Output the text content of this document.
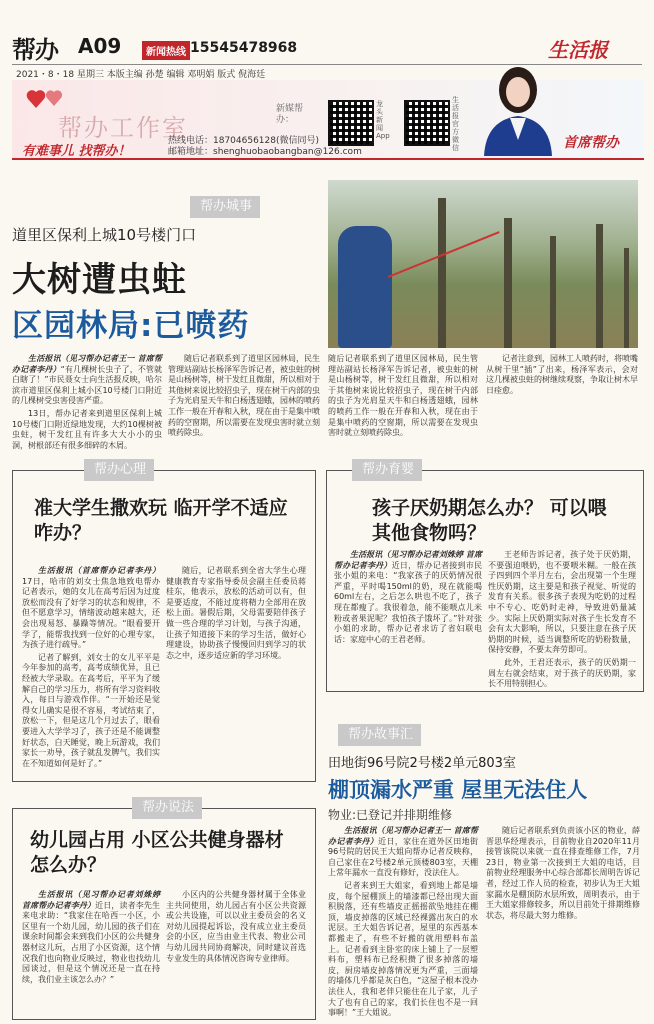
帮办 A09	新闻热线 15545478968	生活报
2021・8・18 星期三 本版主编 孙楚 编辑 邓明娟 版式 倪海廷
帮办工作室
有难事儿 找帮办！
热线电话：18704656128(微信同号)
邮箱地址：shenghuobaobangban@126.com
新媒帮办：
龙头新闻App
生活报官方微信	首席帮办
帮办城事
道里区保利上城10号楼门口
大树遭虫蛀
区园林局:已喷药

生活报讯（见习帮办记者王一 首席帮办记者李丹）“有几棵树长虫子了，不管就白瞎了！”市民聂女士向生活报反映，哈尔滨市道里区保利上城小区10号楼门口附近的几棵树受虫害侵害严重。

13日，帮办记者来到道里区保利上城10号楼门口附近绿地发现，大约10棵树被虫蛀，树干发红且有许多大大小小的虫洞，树根部还有很多细碎的木屑。

随后记者联系到了道里区园林局，民生管理站副站长杨泽军告诉记者，被虫蛀的树是山杨树等，树干发红且微甜，所以相对于其他树来说比较招虫子，现在树干内部的虫子为光肩星天牛和白杨透翅蛾，园林的喷药工作一般在开春和入秋，现在由于是集中喷药的空窗期，所以需要在发现虫害时就立刻喷药除虫。

随后记者联系到了道里区园林局，民生管理站副站长杨泽军告诉记者，被虫蛀的树是山杨树等，树干发红且微甜，所以相对于其他树来说比较招虫子，现在树干内部的虫子为光肩星天牛和白杨透翅蛾，园林的喷药工作一般在开春和入秋，现在由于是集中喷药的空窗期，所以需要在发现虫害时就立刻喷药除虫。

记者注意到，园林工人喷药时，将喷嘴从树干里“插”了出来，杨泽军表示，会对这几棵被虫蛀的树继续观察，争取让树木早日痊愈。

帮办心理
准大学生撒欢玩 临开学不适应咋办？

生活报讯（首席帮办记者李丹）17日，哈市的刘女士焦急地致电帮办记者表示，她的女儿在高考后因为过度放松而没有了好学习的状态和规律，不但不愿意学习，情绪波动越来越大，还会出现易怒、暴躁等情况。“眼看要开学了，能帮我找到一位好的心理专家，为孩子进行疏导。”

记者了解到，刘女士的女儿平平是今年参加的高考，高考成绩优异，且已经被大学录取。在高考后，平平为了缓解自己的学习压力，将所有学习资料收入，每日与游戏作伴。“一开始还是觉得女儿确实是很不容易，考试结束了，放松一下，但是这几个月过去了，眼看要进入大学学习了，孩子还是不能调整好状态，白天睡觉，晚上玩游戏，我们家长一劝导，孩子就乱发脾气，我们实在不知道如何是好了。”

随后，记者联系到全省大学生心理健康教育专家指导委员会副主任委员蒋桂东，他表示，放松的活动可以有，但是要适度，不能过度将精力全部用在放松上面。暑假后期，父母需要陪伴孩子做一些合理的学习计划，与孩子沟通，让孩子知道接下来的学习生活，做好心理建设，协助孩子慢慢回归到学习的状态之中，逐步适应新的学习环境。

帮办育婴
孩子厌奶期怎么办？ 可以喂其他食物吗？

生活报讯（见习帮办记者刘姝婷 首席帮办记者李丹）近日，帮办记者接到市民张小姐的来电：“我家孩子的厌奶情况很严重，平时喝150ml的奶，现在就能喝60ml左右，之后怎么哄也不吃了，孩子现在都瘦了。我很着急，能不能喂点儿米粉或者果泥呢？我怕孩子饿坏了。”针对张小姐的求助，帮办记者求访了省妇联电话：家庭中心的王君老师。

王老师告诉记者，孩子处于厌奶期，不要强迫喂奶，也不要喂米糊。一般在孩子四到四个半月左右，会出现第一个生理性厌奶期，这主要是和孩子视觉、听觉的发育有关系。很多孩子表现为吃奶的过程中不专心、吃奶时走神，导致进奶量减少。实际上厌奶期实际对孩子生长发育不会有太大影响，所以，只要注意在孩子厌奶期的时候，适当调整所吃的奶粉数量，保持安静，不要太奔劳即可。

此外，王君还表示，孩子的厌奶期一周左右就会结束，对于孩子的厌奶期，家长不用特别担心。

帮办故事汇
田地街96号院2号楼2单元803室
棚顶漏水严重 屋里无法住人
物业:已登记并排期维修

生活报讯（见习帮办记者王一 首席帮办记者李丹）近日，家住在道外区田地街96号院的居民王大姐向帮办记者反映称，自己家住在2号楼2单元顶楼803室，天棚上常年漏水一直没有修好，没法住人。

记者来到王大姐家，看到地上都是墙皮，每个屋棚顶上的墙漆都已经出现大面积脱落，还有些墙皮正摇摇欲坠地挂在棚顶，墙皮掉落的区域已经裸露出灰白的水泥层。王大姐告诉记者，屋里的东西基本都搬走了，有些不好搬的就用塑料布盖上。记者看到主卧室的床上铺上了一层塑料布，塑料布已经积攒了很多掉落的墙皮，厨房墙皮掉落情况更为严重，三面墙的墙体几乎都是灰白色，“这屋子根本没办法住人，我和老伴只能住在儿子家，儿子大了也有自己的家，我们长住也不是一回事啊！”王大姐说。

随后记者联系到负责该小区的物业，薛晋思华经理表示，目前物业自2020年11月接管该院以来就一直在排查维修工作，7月23日，物业第一次接到王大姐的电话，目前物业经理服务中心综合部都长周明告诉记者，经过工作人员的检查，初步认为王大姐家漏水是棚顶防水层所致，周明表示，由于王大姐家排修较多，所以目前处于排期维修状态，将尽最大努力维修。

帮办说法
幼儿园占用 小区公共健身器材怎么办？

生活报讯（见习帮办记者刘姝婷 首席帮办记者李丹）近日，读者李先生来电求助：“我家住在哈西一小区，小区里有一个幼儿园，幼儿园的孩子们在课余时间都会来到我们小区的公共健身器材这儿玩，占用了小区资源，这个情况我们也向物业反映过，物业也找幼儿园谈过，但是这个情况还是一直在持续，我们业主该怎么办？”

小区内的公共健身器材属于全体业主共同使用，幼儿园占有小区公共资源或公共设施，可以以业主委员会的名义对幼儿园提起诉讼，没有成立业主委员会的小区，应当由业主代表、物业公司与幼儿园共同协商解决，同时建议首选专业发生的具体情况咨询专业律师。
